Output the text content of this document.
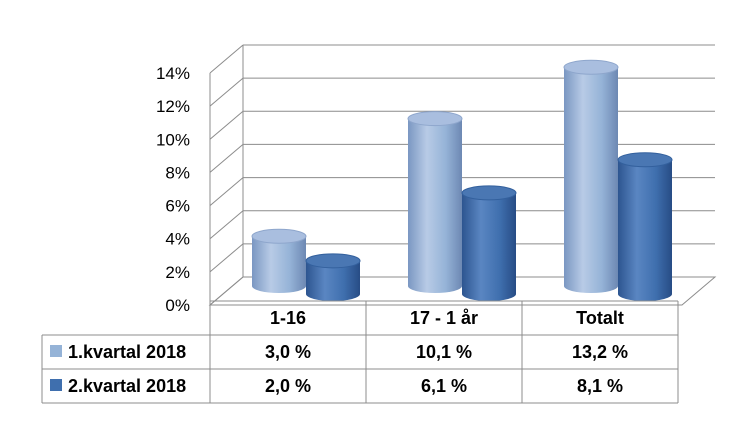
0%
2%
4%
6%
8%
10%
12%
14%
1-16	17 - 1 år	Totalt
1.kvartal 2018	3,0 %	10,1 %	13,2 %
2.kvartal 2018	2,0 %	6,1 %	8,1 %
